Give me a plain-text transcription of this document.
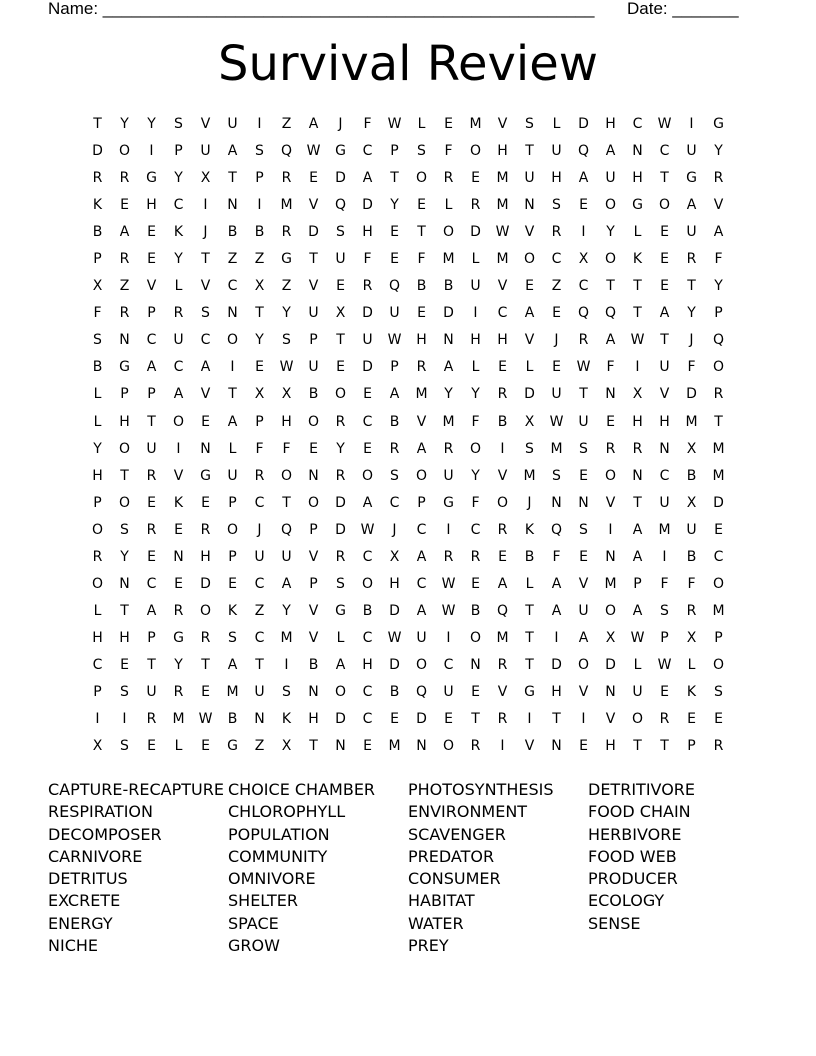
Name: ____________________________________________________ Date: _______
Survival Review
T	Y	Y	S	V	U	I	Z	A	J	F	W	L	E	M	V	S	L	D	H	C	W	I	G
D	O	I	P	U	A	S	Q	W	G	C	P	S	F	O	H	T	U	Q	A	N	C	U	Y
R	R	G	Y	X	T	P	R	E	D	A	T	O	R	E	M	U	H	A	U	H	T	G	R
K	E	H	C	I	N	I	M	V	Q	D	Y	E	L	R	M	N	S	E	O	G	O	A	V
B	A	E	K	J	B	B	R	D	S	H	E	T	O	D	W	V	R	I	Y	L	E	U	A
P	R	E	Y	T	Z	Z	G	T	U	F	E	F	M	L	M	O	C	X	O	K	E	R	F
X	Z	V	L	V	C	X	Z	V	E	R	Q	B	B	U	V	E	Z	C	T	T	E	T	Y
F	R	P	R	S	N	T	Y	U	X	D	U	E	D	I	C	A	E	Q	Q	T	A	Y	P
S	N	C	U	C	O	Y	S	P	T	U	W	H	N	H	H	V	J	R	A	W	T	J	Q
B	G	A	C	A	I	E	W	U	E	D	P	R	A	L	E	L	E	W	F	I	U	F	O
L	P	P	A	V	T	X	X	B	O	E	A	M	Y	Y	R	D	U	T	N	X	V	D	R
L	H	T	O	E	A	P	H	O	R	C	B	V	M	F	B	X	W	U	E	H	H	M	T
Y	O	U	I	N	L	F	F	E	Y	E	R	A	R	O	I	S	M	S	R	R	N	X	M
H	T	R	V	G	U	R	O	N	R	O	S	O	U	Y	V	M	S	E	O	N	C	B	M
P	O	E	K	E	P	C	T	O	D	A	C	P	G	F	O	J	N	N	V	T	U	X	D
O	S	R	E	R	O	J	Q	P	D	W	J	C	I	C	R	K	Q	S	I	A	M	U	E
R	Y	E	N	H	P	U	U	V	R	C	X	A	R	R	E	B	F	E	N	A	I	B	C
O	N	C	E	D	E	C	A	P	S	O	H	C	W	E	A	L	A	V	M	P	F	F	O
L	T	A	R	O	K	Z	Y	V	G	B	D	A	W	B	Q	T	A	U	O	A	S	R	M
H	H	P	G	R	S	C	M	V	L	C	W	U	I	O	M	T	I	A	X	W	P	X	P
C	E	T	Y	T	A	T	I	B	A	H	D	O	C	N	R	T	D	O	D	L	W	L	O
P	S	U	R	E	M	U	S	N	O	C	B	Q	U	E	V	G	H	V	N	U	E	K	S
I	I	R	M	W	B	N	K	H	D	C	E	D	E	T	R	I	T	I	V	O	R	E	E
X	S	E	L	E	G	Z	X	T	N	E	M	N	O	R	I	V	N	E	H	T	T	P	R
CAPTURE-RECAPTURE
RESPIRATION
DECOMPOSER
CARNIVORE
DETRITUS
EXCRETE
ENERGY
NICHE
CHOICE CHAMBER
CHLOROPHYLL
POPULATION
COMMUNITY
OMNIVORE
SHELTER
SPACE
GROW
PHOTOSYNTHESIS
ENVIRONMENT
SCAVENGER
PREDATOR
CONSUMER
HABITAT
WATER
PREY
DETRITIVORE
FOOD CHAIN
HERBIVORE
FOOD WEB
PRODUCER
ECOLOGY
SENSE
